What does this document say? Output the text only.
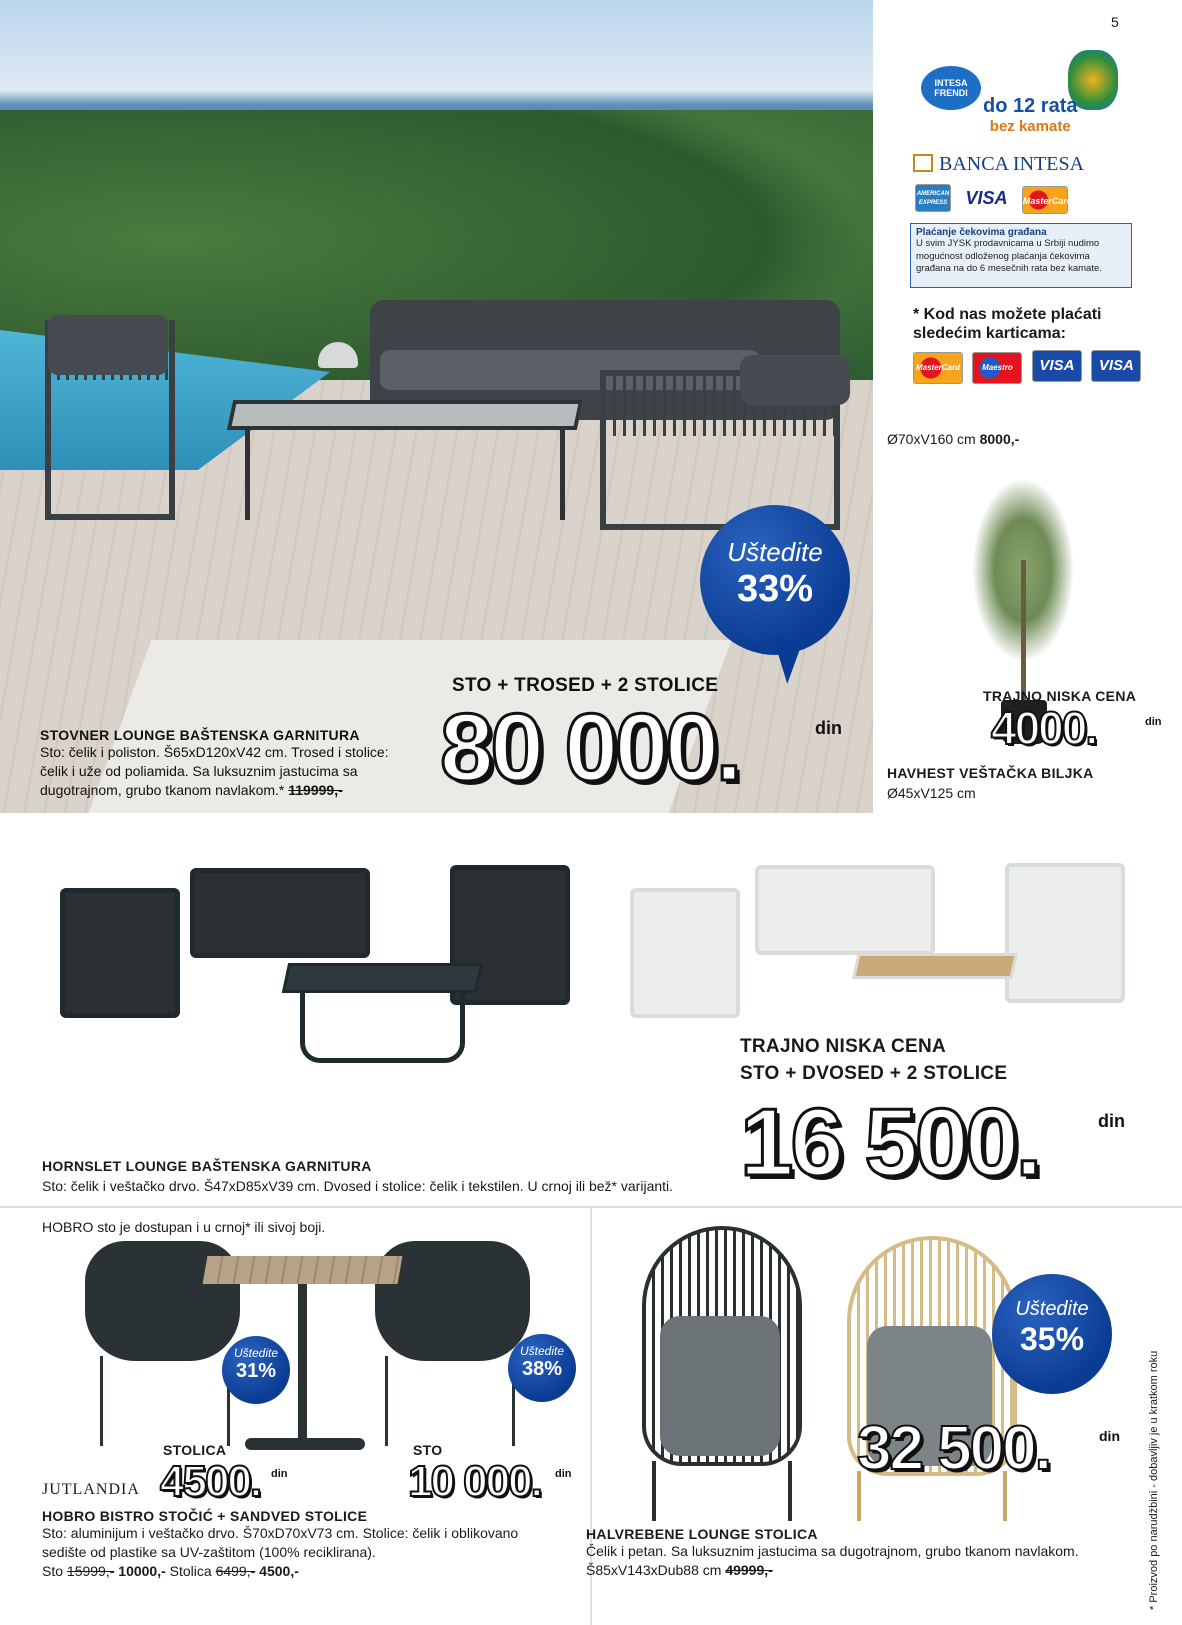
Uštedite
33%
STO + TROSED + 2 STOLICE
80 000.	din
STOVNER LOUNGE BAŠTENSKA GARNITURA
Sto: čelik i poliston. Š65xD120xV42 cm. Trosed i stolice: čelik i uže od poliamida. Sa luksuznim jastucima sa dugotrajnom, grubo tkanom navlakom.* 119999,-
5
INTESA FRENDI
do 12 rata
bez kamate
BANCA INTESA
AMERICAN EXPRESS VISA MasterCard
Plaćanje čekovima građana
U svim JYSK prodavnicama u Srbiji nudimo mogućnost odloženog plaćanja čekovima građana na do 6 mesečnih rata bez kamate.
* Kod nas možete plaćati sledećim karticama:
MasterCard	Maestro VISA VISA
Ø70xV160 cm 8000,-
TRAJNO NISKA CENA
4000.	din
HAVHEST VEŠTAČKA BILJKA
Ø45xV125 cm
TRAJNO NISKA CENA
STO + DVOSED + 2 STOLICE
16 500.	din
HORNSLET LOUNGE BAŠTENSKA GARNITURA
Sto: čelik i veštačko drvo. Š47xD85xV39 cm. Dvosed i stolice: čelik i tekstilen. U crnoj ili bež* varijanti.
HOBRO sto je dostupan i u crnoj* ili sivoj boji.
Uštedite
31%
Uštedite
38%
STOLICA
4500. din
STO
10 000. din
JUTLANDIA
HOBRO BISTRO STOČIĆ + SANDVED STOLICE
Sto: aluminijum i veštačko drvo. Š70xD70xV73 cm. Stolice: čelik i oblikovano sedište od plastike sa UV-zaštitom (100% reciklirana).
Sto 15999,- 10000,- Stolica 6499,- 4500,-
Uštedite
35%
32 500.	din
HALVREBENE LOUNGE STOLICA
Čelik i petan. Sa luksuznim jastucima sa dugotrajnom, grubo tkanom navlakom.
Š85xV143xDub88 cm 49999,-	* Proizvod po narudžbini - dobavljiv je u kratkom roku
